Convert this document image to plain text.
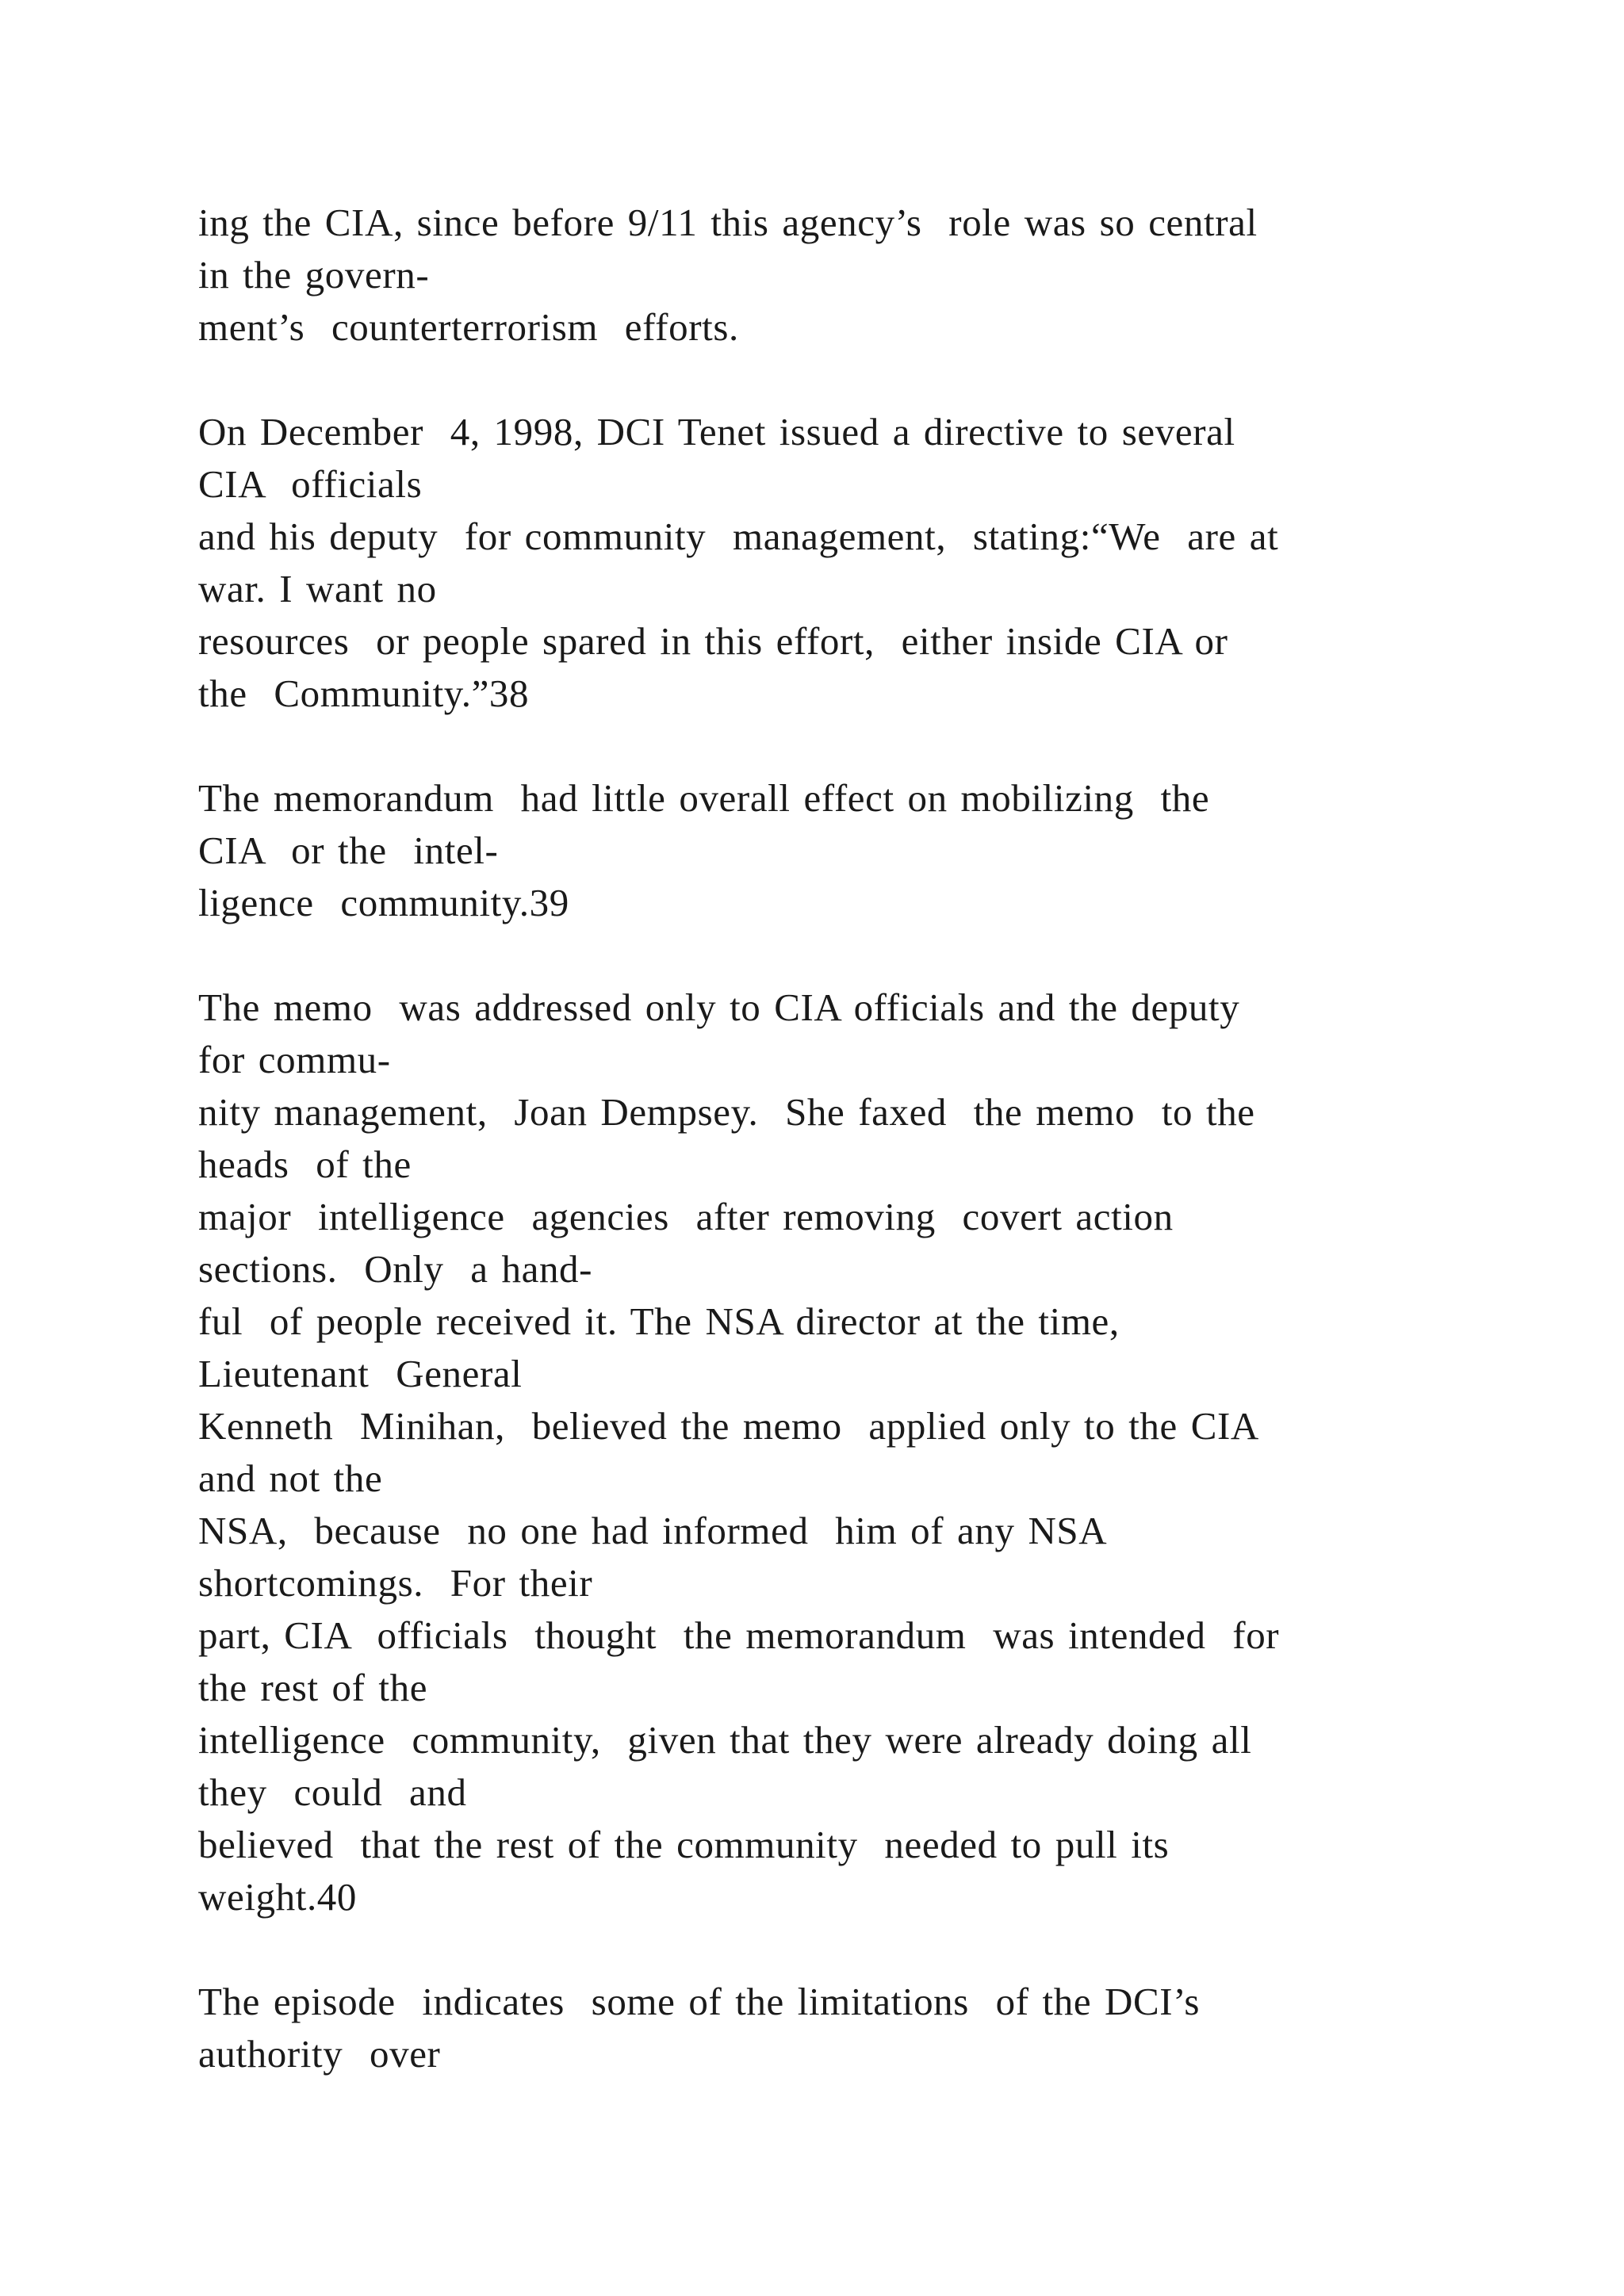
ing the CIA, since before 9/11 this agency’s  role was so central
in the govern-
ment’s  counterterrorism  efforts.

On December  4, 1998, DCI Tenet issued a directive to several
CIA  officials
and his deputy  for community  management,  stating:“We  are at
war. I want no
resources  or people spared in this effort,  either inside CIA or
the  Community.”38

The memorandum  had little overall effect on mobilizing  the
CIA  or the  intel-
ligence  community.39

The memo  was addressed only to CIA officials and the deputy
for commu-
nity management,  Joan Dempsey.  She faxed  the memo  to the
heads  of the
major  intelligence  agencies  after removing  covert action
sections.  Only  a hand-
ful  of people received it. The NSA director at the time,
Lieutenant  General
Kenneth  Minihan,  believed the memo  applied only to the CIA
and not the
NSA,  because  no one had informed  him of any NSA
shortcomings.  For their
part, CIA  officials  thought  the memorandum  was intended  for
the rest of the
intelligence  community,  given that they were already doing all
they  could  and
believed  that the rest of the community  needed to pull its
weight.40

The episode  indicates  some of the limitations  of the DCI’s
authority  over
